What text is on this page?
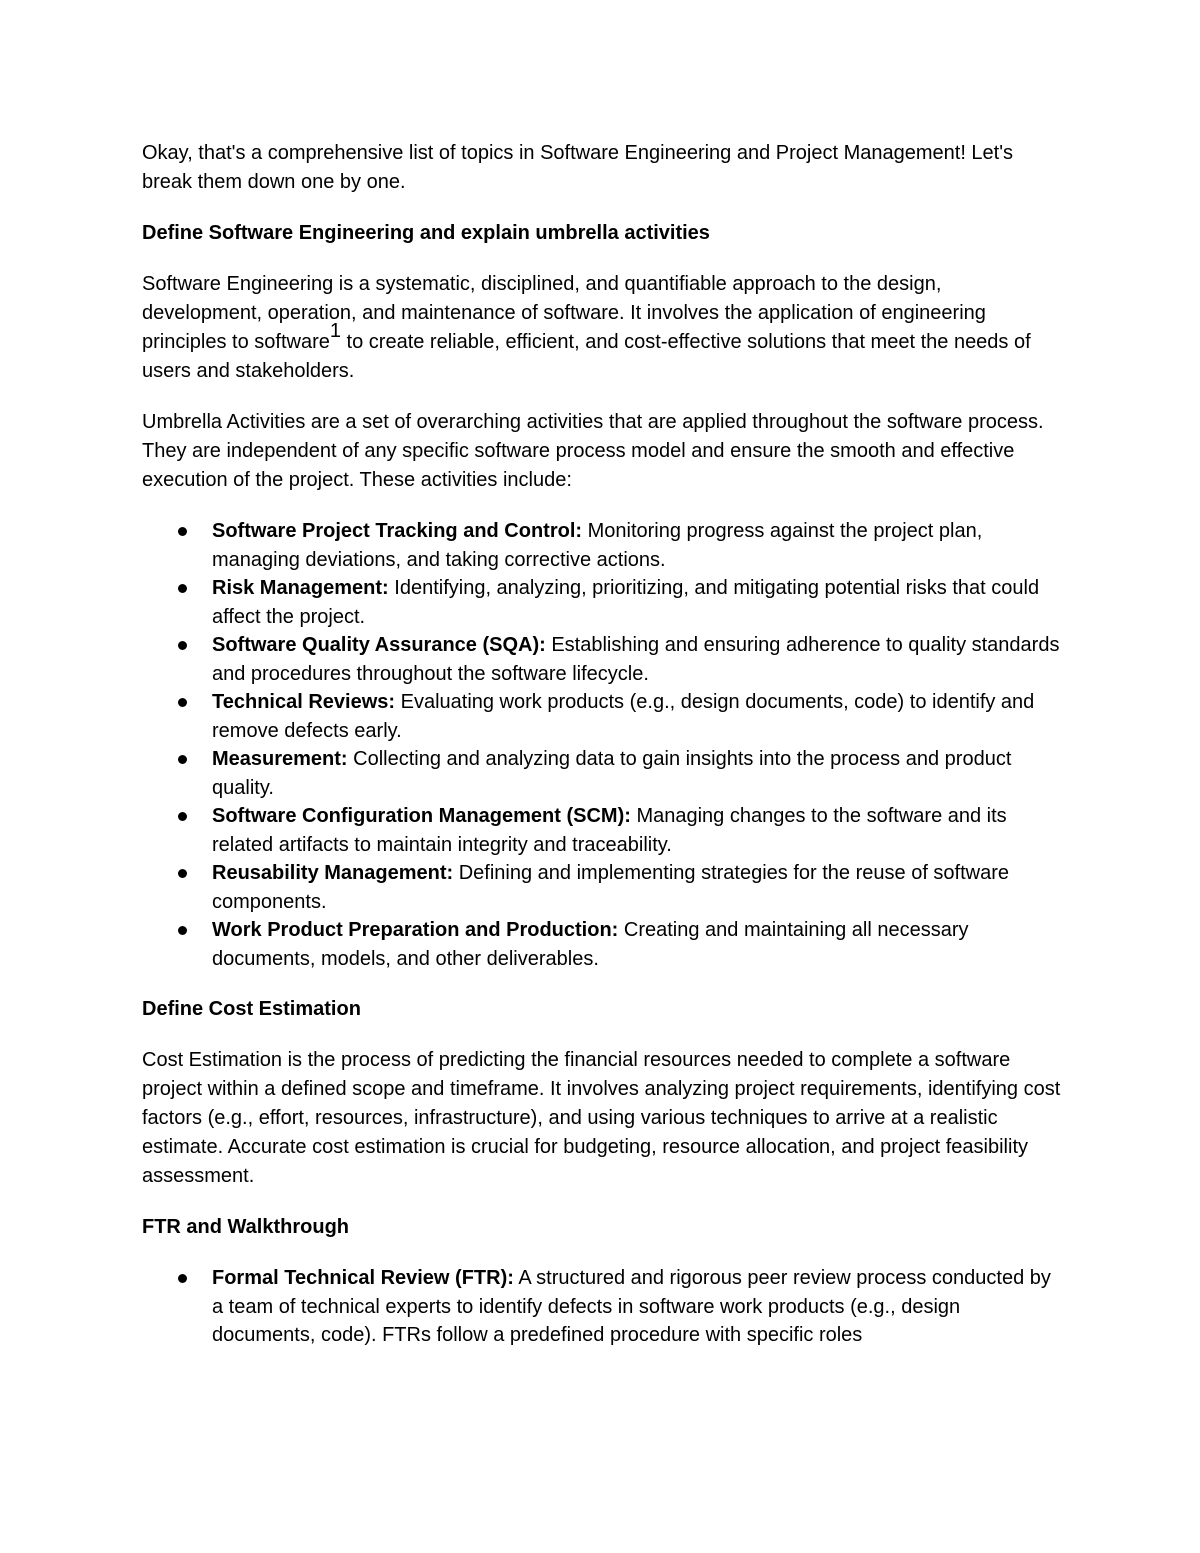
Okay, that's a comprehensive list of topics in Software Engineering and Project Management! Let's break them down one by one.

Define Software Engineering and explain umbrella activities

Software Engineering is a systematic, disciplined, and quantifiable approach to the design, development, operation, and maintenance of software. It involves the application of engineering principles to software$^1$ to create reliable, efficient, and cost-effective solutions that meet the needs of users and stakeholders.

Umbrella Activities are a set of overarching activities that are applied throughout the software process. They are independent of any specific software process model and ensure the smooth and effective execution of the project. These activities include:

Software Project Tracking and Control: Monitoring progress against the project plan, managing deviations, and taking corrective actions.
Risk Management: Identifying, analyzing, prioritizing, and mitigating potential risks that could affect the project.
Software Quality Assurance (SQA): Establishing and ensuring adherence to quality standards and procedures throughout the software lifecycle.
Technical Reviews: Evaluating work products (e.g., design documents, code) to identify and remove defects early.
Measurement: Collecting and analyzing data to gain insights into the process and product quality.
Software Configuration Management (SCM): Managing changes to the software and its related artifacts to maintain integrity and traceability.
Reusability Management: Defining and implementing strategies for the reuse of software components.
Work Product Preparation and Production: Creating and maintaining all necessary documents, models, and other deliverables.
Define Cost Estimation

Cost Estimation is the process of predicting the financial resources needed to complete a software project within a defined scope and timeframe. It involves analyzing project requirements, identifying cost factors (e.g., effort, resources, infrastructure), and using various techniques to arrive at a realistic estimate. Accurate cost estimation is crucial for budgeting, resource allocation, and project feasibility assessment.

FTR and Walkthrough
Formal Technical Review (FTR): A structured and rigorous peer review process conducted by a team of technical experts to identify defects in software work products (e.g., design documents, code). FTRs follow a predefined procedure with specific roles
